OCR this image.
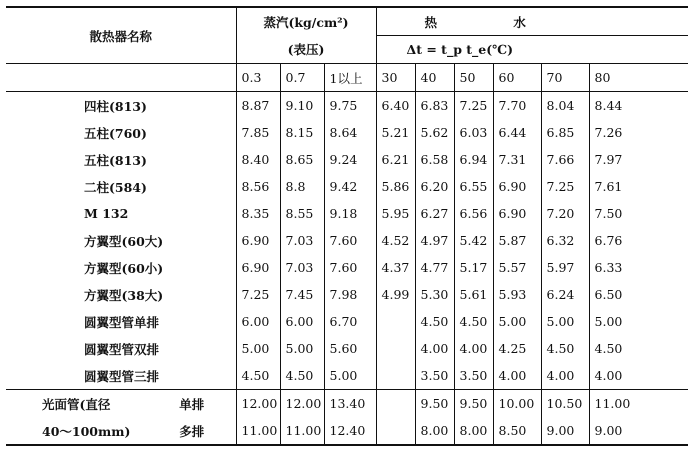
散热器名称		蒸汽(kg/cm²)			热 水					
		(表压)			Δt = t_p t_e(℃)					
		0.3	0.7	1以上	30	40	50	60	70	80
四柱(813)		8.87	9.10	9.75	6.40	6.83	7.25	7.70	8.04	8.44
五柱(760)		7.85	8.15	8.64	5.21	5.62	6.03	6.44	6.85	7.26
五柱(813)		8.40	8.65	9.24	6.21	6.58	6.94	7.31	7.66	7.97
二柱(584)		8.56	8.8	9.42	5.86	6.20	6.55	6.90	7.25	7.61
M 132		8.35	8.55	9.18	5.95	6.27	6.56	6.90	7.20	7.50
方翼型(60大)		6.90	7.03	7.60	4.52	4.97	5.42	5.87	6.32	6.76
方翼型(60小)		6.90	7.03	7.60	4.37	4.77	5.17	5.57	5.97	6.33
方翼型(38大)		7.25	7.45	7.98	4.99	5.30	5.61	5.93	6.24	6.50
圆翼型管单排		6.00	6.00	6.70		4.50	4.50	5.00	5.00	5.00
圆翼型管双排		5.00	5.00	5.60		4.00	4.00	4.25	4.50	4.50
圆翼型管三排		4.50	4.50	5.00		3.50	3.50	4.00	4.00	4.00
光面管(直径	单排	12.00	12.00	13.40		9.50	9.50	10.00	10.50	11.00
40～100mm)	多排	11.00	11.00	12.40		8.00	8.00	8.50	9.00	9.00
